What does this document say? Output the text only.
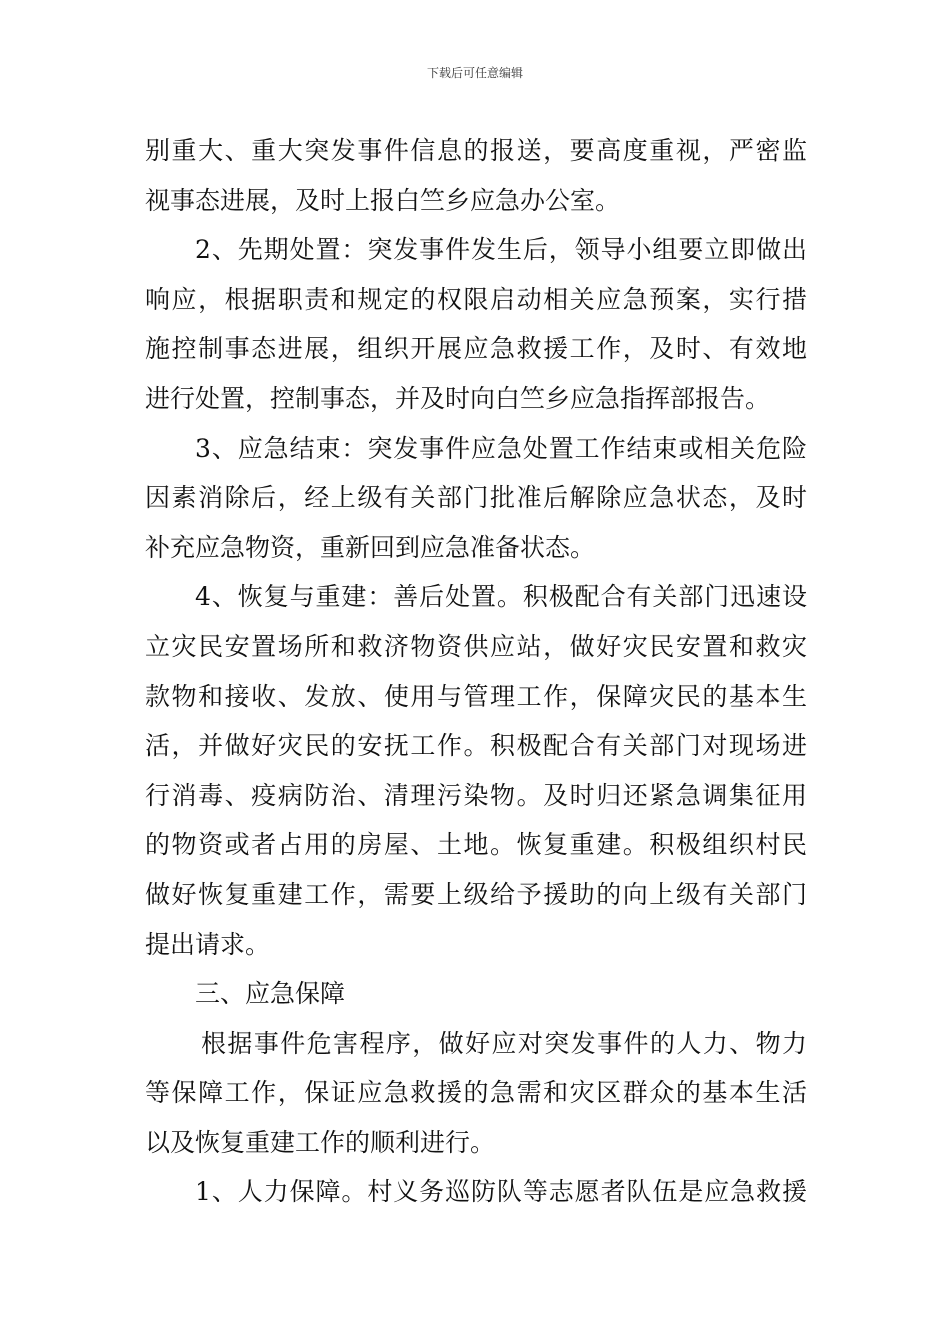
下载后可任意编辑
别重大、重大突发事件信息的报送，要高度重视，严密监
视事态进展，及时上报白竺乡应急办公室。
2、先期处置：突发事件发生后，领导小组要立即做出
响应，根据职责和规定的权限启动相关应急预案，实行措
施控制事态进展，组织开展应急救援工作，及时、有效地
进行处置，控制事态，并及时向白竺乡应急指挥部报告。
3、应急结束：突发事件应急处置工作结束或相关危险
因素消除后，经上级有关部门批准后解除应急状态，及时
补充应急物资，重新回到应急准备状态。
4、恢复与重建：善后处置。积极配合有关部门迅速设
立灾民安置场所和救济物资供应站，做好灾民安置和救灾
款物和接收、发放、使用与管理工作，保障灾民的基本生
活，并做好灾民的安抚工作。积极配合有关部门对现场进
行消毒、疫病防治、清理污染物。及时归还紧急调集征用
的物资或者占用的房屋、土地。恢复重建。积极组织村民
做好恢复重建工作，需要上级给予援助的向上级有关部门
提出请求。
三、应急保障
根据事件危害程序，做好应对突发事件的人力、物力
等保障工作，保证应急救援的急需和灾区群众的基本生活
以及恢复重建工作的顺利进行。
1、人力保障。村义务巡防队等志愿者队伍是应急救援
